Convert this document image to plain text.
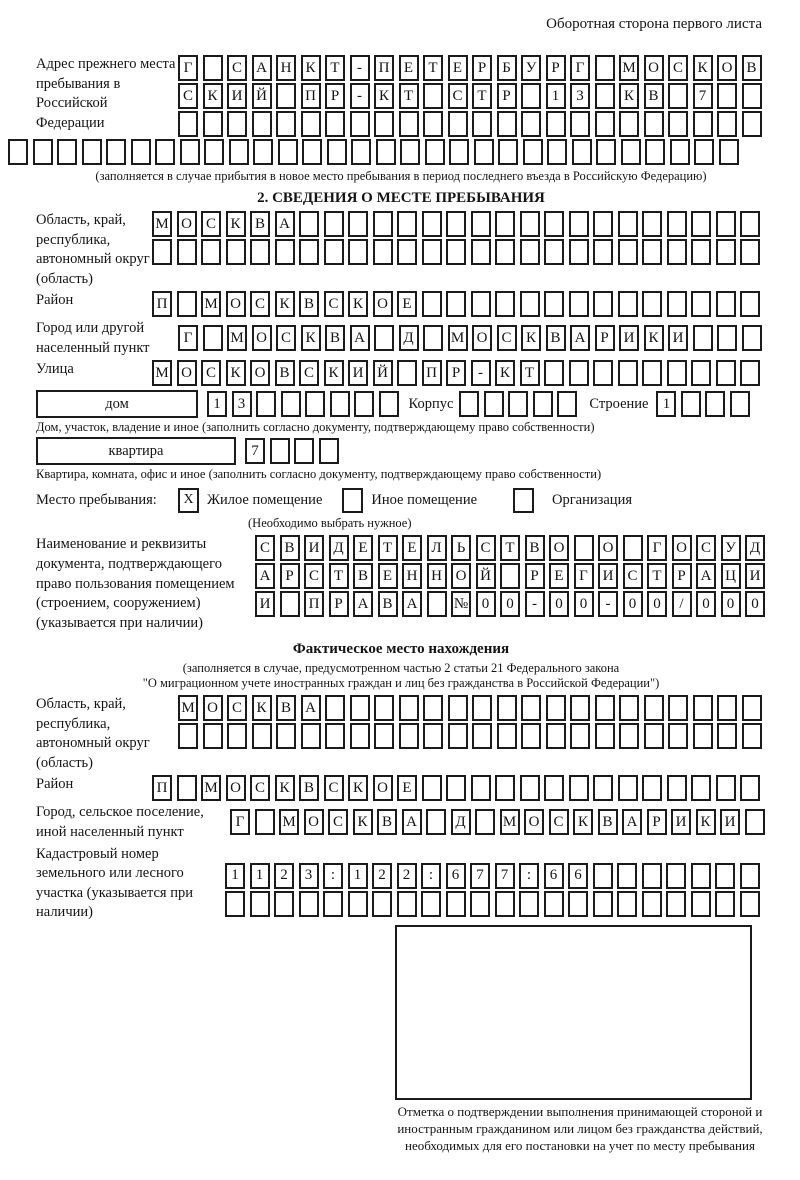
Оборотная сторона первого листа
Адрес прежнего места пребывания в Российской Федерации
Г	С А Н К Т	-	П Е	Т	Е	Р	Б У	Р	Г	М О С К О В
С К И Й	П Р	-	К Т	С Т	Р	1	3	К В	7
(заполняется в случае прибытия в новое место пребывания в период последнего въезда в Российскую Федерацию)
2. СВЕДЕНИЯ О МЕСТЕ ПРЕБЫВАНИЯ
Область, край, республика, автономный округ (область)
М О С К В А
Район	П	М О С К В С К О Е
Город или другой населенный пункт
Г	М О С К В А	Д	М О С К В А Р И К И
Улица	М О С К О В С К И Й	П Р	-	К Т
дом	1	3	Корпус	Строение 1
Дом, участок, владение и иное (заполнить согласно документу, подтверждающему право собственности)
квартира	7
Квартира, комната, офис и иное (заполнить согласно документу, подтверждающему право собственности)
Место пребывания:	X Жилое помещение	Иное помещение	Организация
(Необходимо выбрать нужное)
Наименование и реквизиты документа, подтверждающего право пользования помещением (строением, сооружением) (указывается при наличии)
С В И Д Е	Т	Е Л	Ь	С Т В О	О	Г О С У Д
А Р	С Т В Е Н Н О Й	Р	Е	Г И С Т	Р А Ц И
И	П Р А В А	№ 0	0	-	0	0	-	0	0	/	0	0	0
Фактическое место нахождения
(заполняется в случае, предусмотренном частью 2 статьи 21 Федерального закона
"О миграционном учете иностранных граждан и лиц без гражданства в Российской Федерации")
Область, край, республика, автономный округ (область)
М О С К В А
Район	П	М О С К В С К О Е
Город, сельское поселение, иной населенный пункт
Г	М О С К В А	Д	М О С К В А Р И К И
Кадастровый номер земельного или лесного участка (указывается при наличии)
1	1	2	3	:	1	2	2	:	6	7	7	:	6	6
Отметка о подтверждении выполнения принимающей стороной и иностранным гражданином или лицом без гражданства действий, необходимых для его постановки на учет по месту пребывания
